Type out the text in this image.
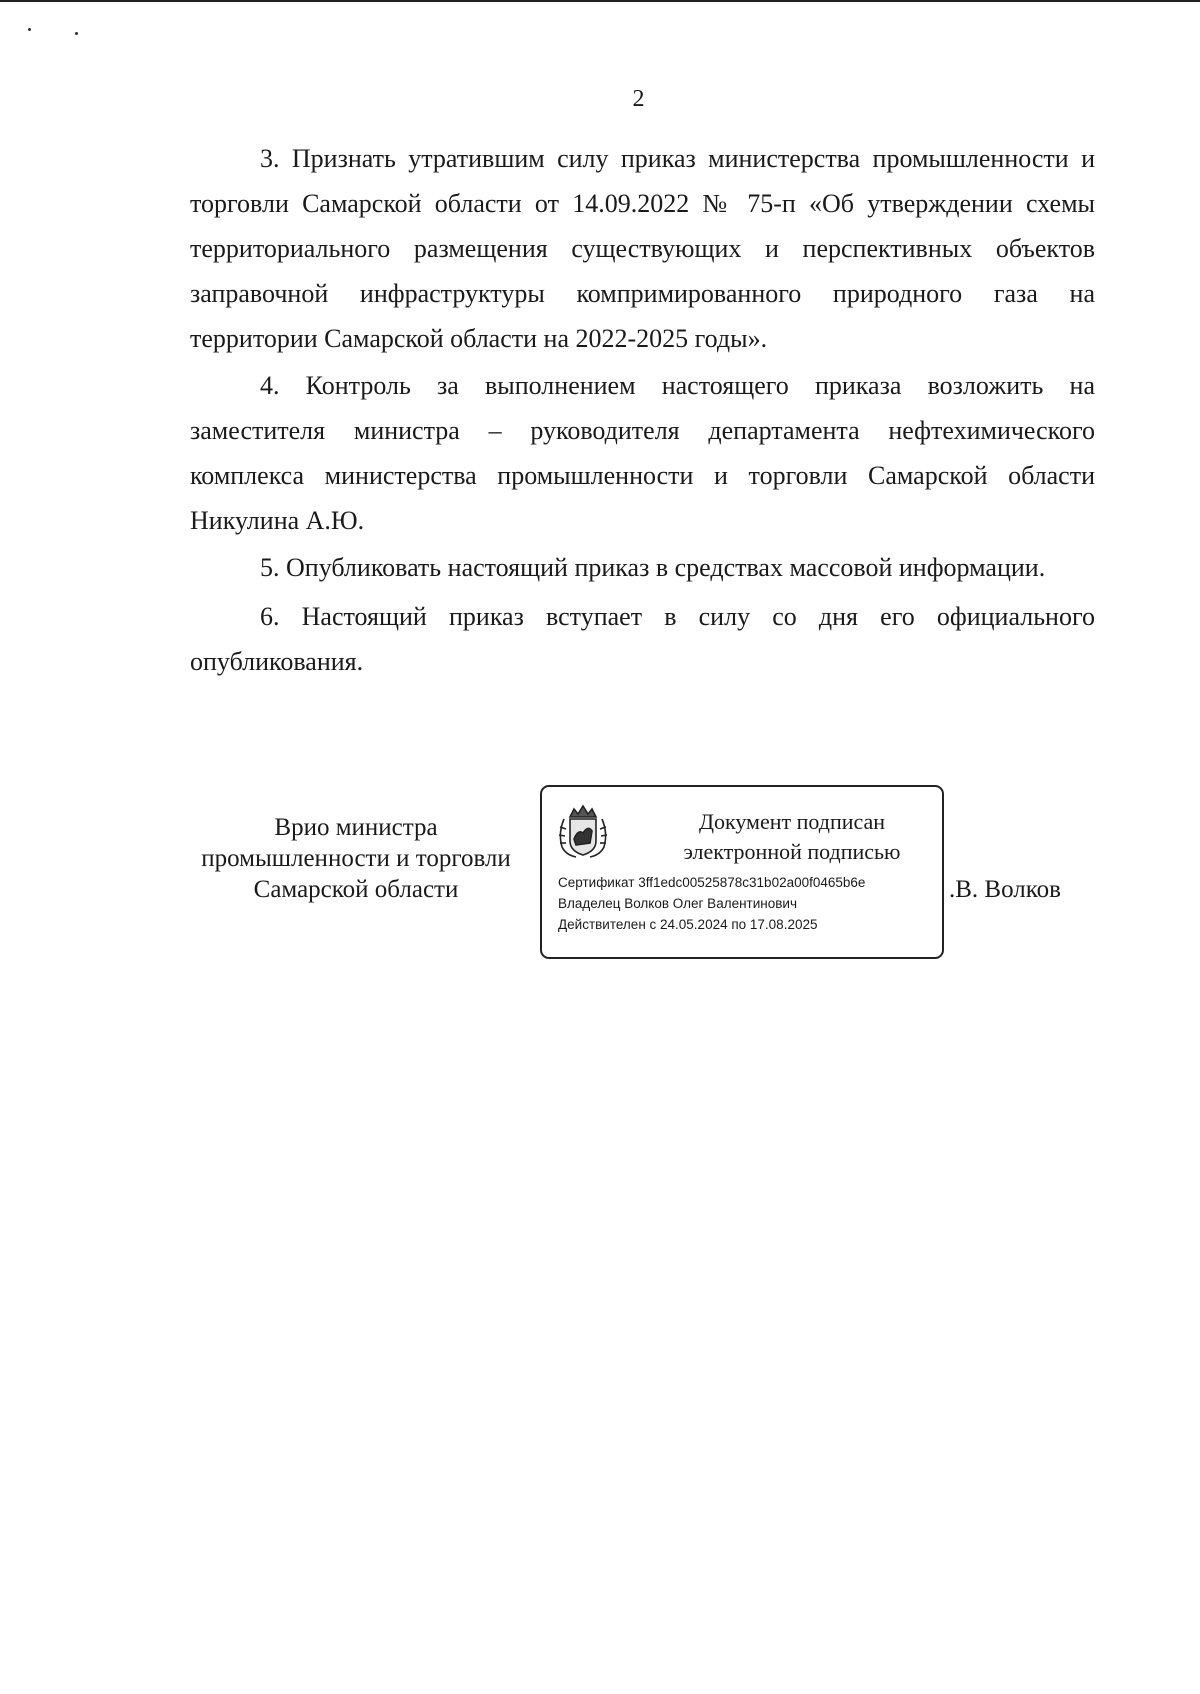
2

3. Признать утратившим силу приказ министерства промышленности и торговли Самарской области от 14.09.2022 № 75-п «Об утверждении схемы территориального размещения существующих и перспективных объектов заправочной инфраструктуры компримированного природного газа на территории Самарской области на 2022-2025 годы».

4. Контроль за выполнением настоящего приказа возложить на заместителя министра – руководителя департамента нефтехимического комплекса министерства промышленности и торговли Самарской области Никулина А.Ю.

5. Опубликовать настоящий приказ в средствах массовой информации.

6. Настоящий приказ вступает в силу со дня его официального опубликования.

Врио министра
промышленности и торговли
Самарской области
Документ подписан
электронной подписью
Сертификат 3ff1edc00525878c31b02a00f0465b6e
Владелец Волков Олег Валентинович
Действителен с 24.05.2024 по 17.08.2025
.В. Волков
